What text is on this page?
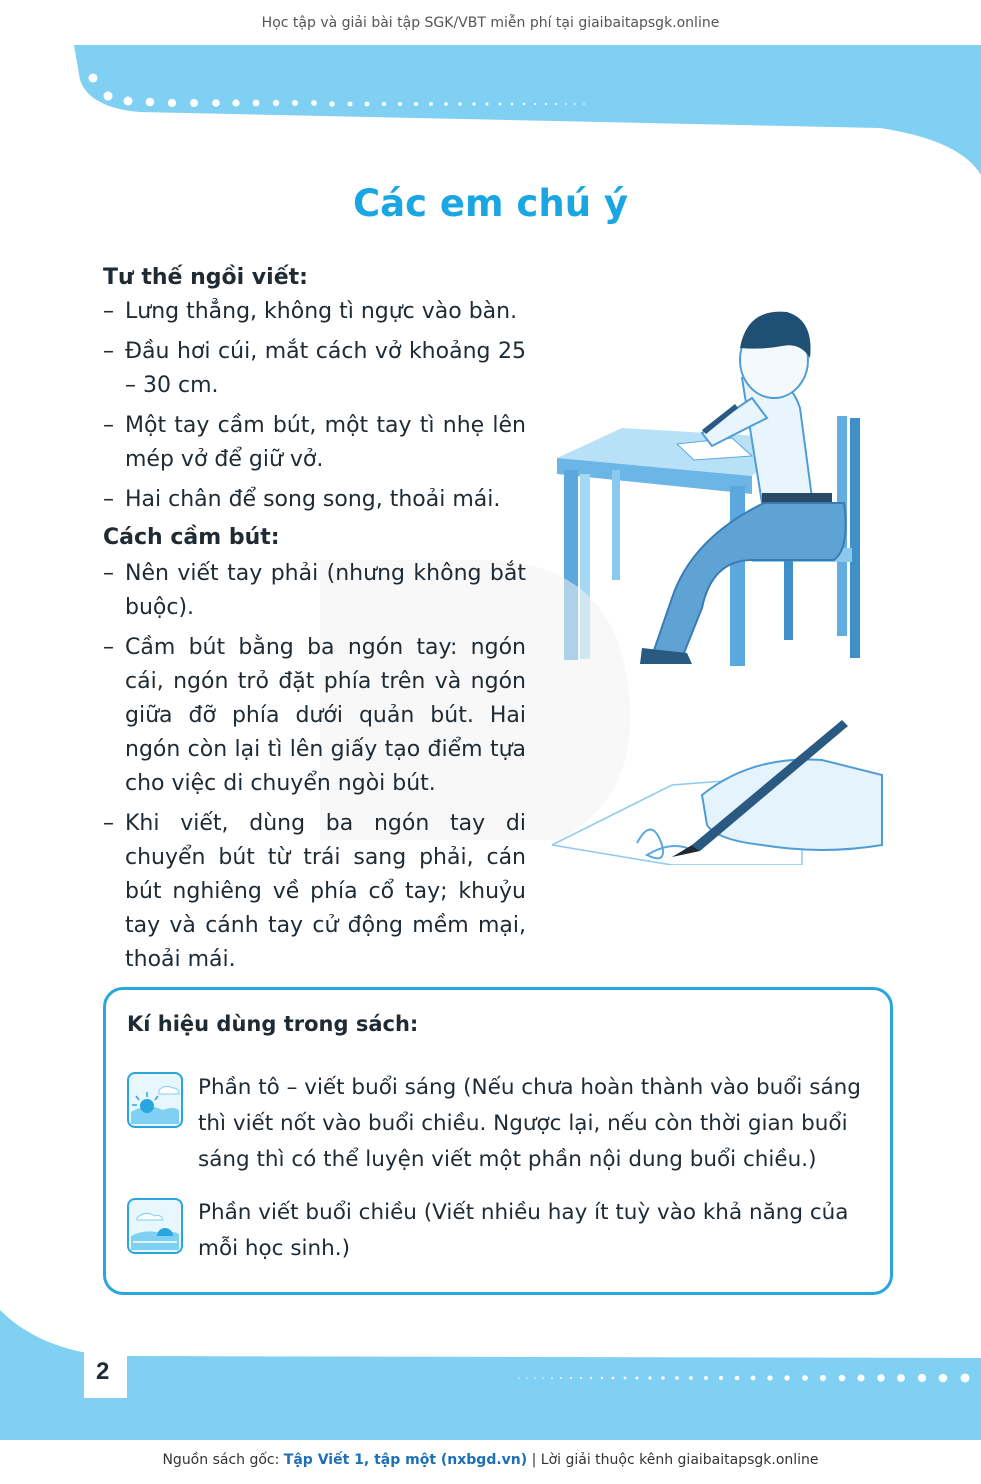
Học tập và giải bài tập SGK/VBT miễn phí tại giaibaitapsgk.online
Các em chú ý
Tư thế ngồi viết:
– Lưng thẳng, không tì ngực vào bàn.
– Đầu hơi cúi, mắt cách vở khoảng 25 – 30 cm.
– Một tay cầm bút, một tay tì nhẹ lên mép vở để giữ vở.
– Hai chân để song song, thoải mái.
Cách cầm bút:
– Nên viết tay phải (nhưng không bắt buộc).
– Cầm bút bằng ba ngón tay: ngón cái, ngón trỏ đặt phía trên và ngón giữa đỡ phía dưới quản bút. Hai ngón còn lại tì lên giấy tạo điểm tựa cho việc di chuyển ngòi bút.
– Khi viết, dùng ba ngón tay di chuyển bút từ trái sang phải, cán bút nghiêng về phía cổ tay; khuỷu tay và cánh tay cử động mềm mại, thoải mái.
Kí hiệu dùng trong sách:
Phần tô – viết buổi sáng (Nếu chưa hoàn thành vào buổi sáng thì viết nốt vào buổi chiều. Ngược lại, nếu còn thời gian buổi sáng thì có thể luyện viết một phần nội dung buổi chiều.)
Phần viết buổi chiều (Viết nhiều hay ít tuỳ vào khả năng của mỗi học sinh.)
2
Nguồn sách gốc: Tập Viết 1, tập một (nxbgd.vn) | Lời giải thuộc kênh giaibaitapsgk.online
